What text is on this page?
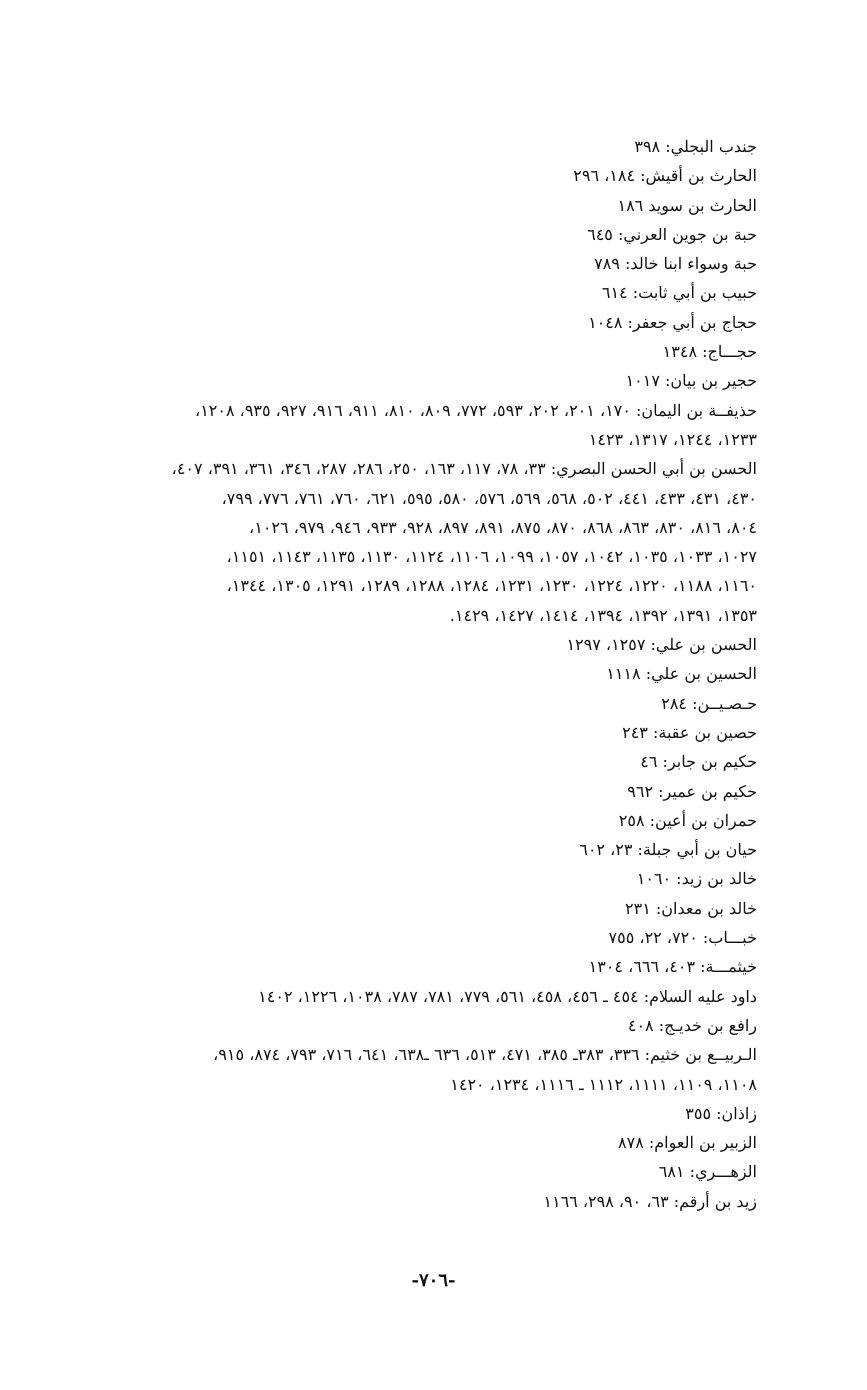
جندب البجلي: ٣٩٨
الحارث بن أقيش: ١٨٤، ٢٩٦
الحارث بن سويد ١٨٦
حبة بن جوين العرني: ٦٤٥
حبة وسواء ابنا خالد: ٧٨٩
حبيب بن أبي ثابت: ٦١٤
حجاج بن أبي جعفر: ١٠٤٨
حجـــاج: ١٣٤٨
حجير بن بيان: ١٠١٧
حذيفــة بن اليمان: ١٧٠، ٢٠١، ٢٠٢، ٥٩٣، ٧٧٢، ٨٠٩، ٨١٠، ٩١١، ٩١٦، ٩٢٧، ٩٣٥، ١٢٠٨،
١٢٣٣، ١٢٤٤، ١٣١٧، ١٤٢٣
الحسن بن أبي الحسن البصري: ٣٣، ٧٨، ١١٧، ١٦٣، ٢٥٠، ٢٨٦، ٢٨٧، ٣٤٦، ٣٦١، ٣٩١، ٤٠٧،
٤٣٠، ٤٣١، ٤٣٣، ٤٤١، ٥٠٢، ٥٦٨، ٥٦٩، ٥٧٦، ٥٨٠، ٥٩٥، ٦٢١، ٧٦٠، ٧٦١، ٧٧٦، ٧٩٩،
٨٠٤، ٨١٦، ٨٣٠، ٨٦٣، ٨٦٨، ٨٧٠، ٨٧٥، ٨٩١، ٨٩٧، ٩٢٨، ٩٣٣، ٩٤٦، ٩٧٩، ١٠٢٦،
١٠٢٧، ١٠٣٣، ١٠٣٥، ١٠٤٢، ١٠٥٧، ١٠٩٩، ١١٠٦، ١١٢٤، ١١٣٠، ١١٣٥، ١١٤٣، ١١٥١،
١١٦٠، ١١٨٨، ١٢٢٠، ١٢٢٤، ١٢٣٠، ١٢٣١، ١٢٨٤، ١٢٨٨، ١٢٨٩، ١٢٩١، ١٣٠٥، ١٣٤٤،
١٣٥٣، ١٣٩١، ١٣٩٢، ١٣٩٤، ١٤١٤، ١٤٢٧، ١٤٢٩.
الحسن بن علي: ١٢٥٧، ١٢٩٧
الحسين بن علي: ١١١٨
حـصـيــن: ٢٨٤
حصين بن عقبة: ٢٤٣
حكيم بن جابر: ٤٦
حكيم بن عمير: ٩٦٢
حمران بن أعين: ٢٥٨
حيان بن أبي جبلة: ٢٣، ٦٠٢
خالد بن زيد: ١٠٦٠
خالد بن معدان: ٢٣١
خبـــاب: ٧٢٠، ٢٢، ٧٥٥
خيثمـــة: ٤٠٣، ٦٦٦، ١٣٠٤
داود عليه السلام: ٤٥٤ ـ ٤٥٦، ٤٥٨، ٥٦١، ٧٧٩، ٧٨١، ٧٨٧، ١٠٣٨، ١٢٢٦، ١٤٠٢
رافع بن خديـج: ٤٠٨
الـربيــع بن خثيم: ٣٣٦، ٣٨٣ـ ٣٨٥، ٤٧١، ٥١٣، ٦٣٦ ـ٦٣٨، ٦٤١، ٧١٦، ٧٩٣، ٨٧٤، ٩١٥،
١١٠٨، ١١٠٩، ١١١١، ١١١٢ ـ ١١١٦، ١٢٣٤، ١٤٢٠
زاذان: ٣٥٥
الزبير بن العوام: ٨٧٨
الزهـــري: ٦٨١
زيد بن أرقم: ٦٣، ٩٠، ٢٩٨، ١١٦٦
-٧٠٦-
